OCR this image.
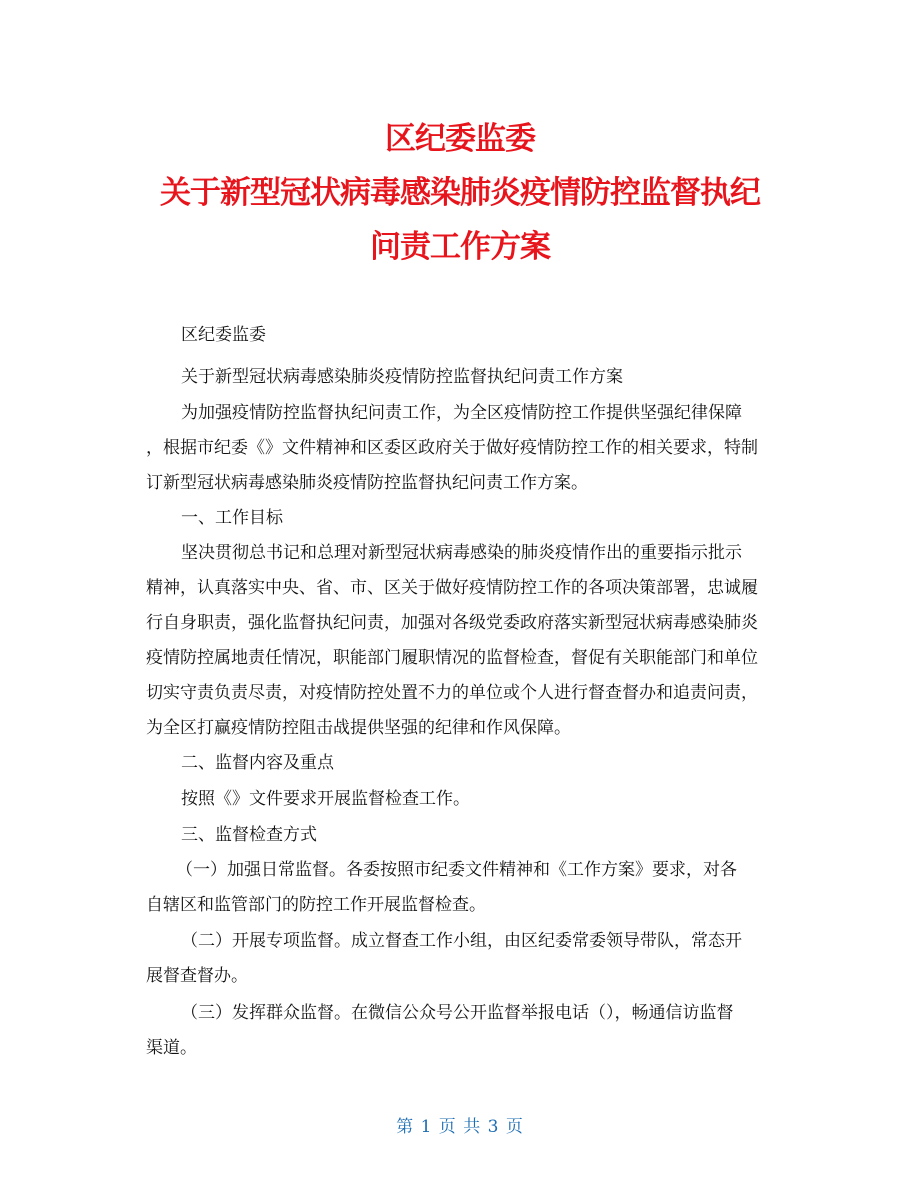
区纪委监委
关于新型冠状病毒感染肺炎疫情防控监督执纪
问责工作方案
区纪委监委
关于新型冠状病毒感染肺炎疫情防控监督执纪问责工作方案
为加强疫情防控监督执纪问责工作，为全区疫情防控工作提供坚强纪律保障
，根据市纪委《》文件精神和区委区政府关于做好疫情防控工作的相关要求，特制
订新型冠状病毒感染肺炎疫情防控监督执纪问责工作方案。
一、工作目标
坚决贯彻总书记和总理对新型冠状病毒感染的肺炎疫情作出的重要指示批示
精神，认真落实中央、省、市、区关于做好疫情防控工作的各项决策部署，忠诚履
行自身职责，强化监督执纪问责，加强对各级党委政府落实新型冠状病毒感染肺炎
疫情防控属地责任情况，职能部门履职情况的监督检查，督促有关职能部门和单位
切实守责负责尽责，对疫情防控处置不力的单位或个人进行督查督办和追责问责，
为全区打赢疫情防控阻击战提供坚强的纪律和作风保障。
二、监督内容及重点
按照《》文件要求开展监督检查工作。
三、监督检查方式
（一）加强日常监督。各委按照市纪委文件精神和《工作方案》要求，对各
自辖区和监管部门的防控工作开展监督检查。
（二）开展专项监督。成立督查工作小组，由区纪委常委领导带队，常态开
展督查督办。
（三）发挥群众监督。在微信公众号公开监督举报电话（），畅通信访监督
渠道。
第 1 页 共 3 页
